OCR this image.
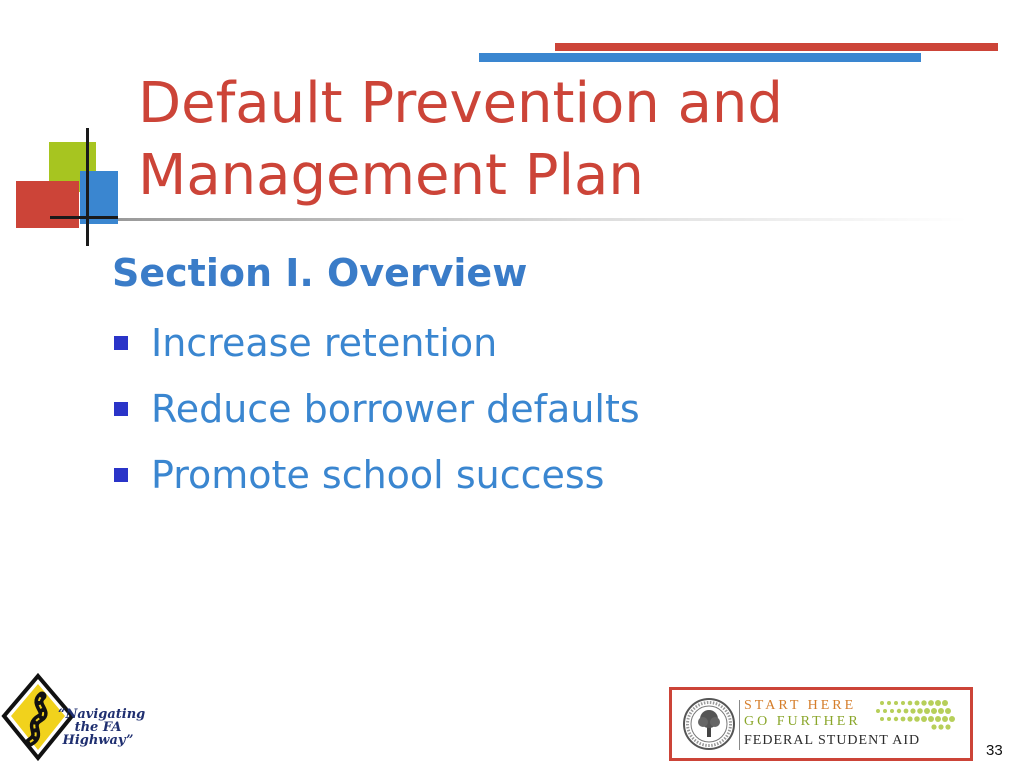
Default Prevention and
Management Plan
Section I. Overview
Increase retention
Reduce borrower defaults
Promote school success
“Navigating
the FA
Highway”
START HERE
GO FURTHER
FEDERAL STUDENT AID
33
